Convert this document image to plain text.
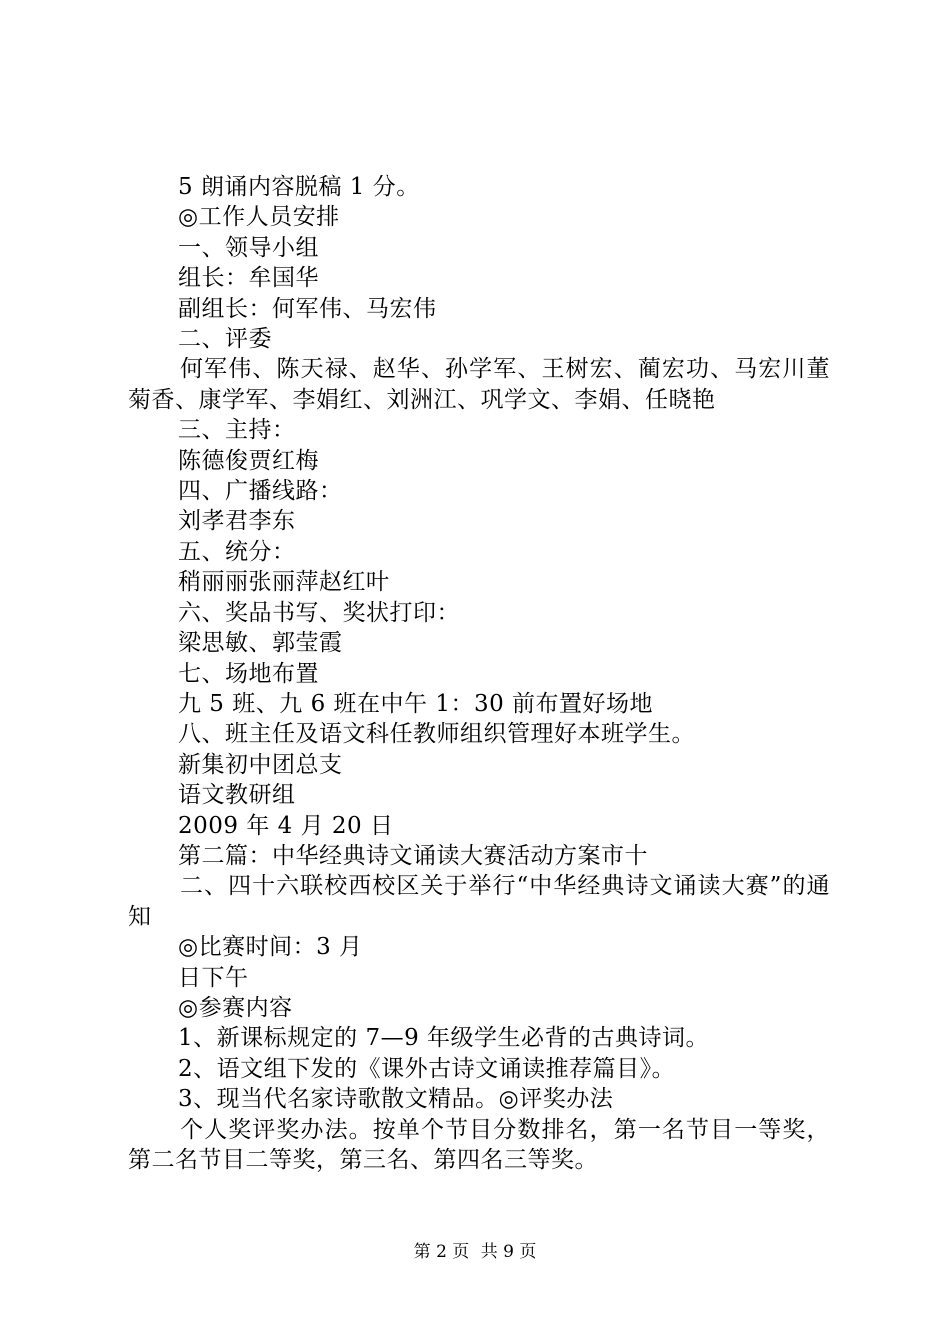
5 朗诵内容脱稿 1 分。
◎工作人员安排
一、领导小组
组长：牟国华
副组长：何军伟、马宏伟
二、评委
何军伟、陈天禄、赵华、孙学军、王树宏、蔺宏功、马宏川董菊香、康学军、李娟红、刘洲江、巩学文、李娟、任晓艳
三、主持：
陈德俊贾红梅
四、广播线路：
刘孝君李东
五、统分：
稍丽丽张丽萍赵红叶
六、奖品书写、奖状打印：
梁思敏、郭莹霞
七、场地布置
九 5 班、九 6 班在中午 1：30 前布置好场地
八、班主任及语文科任教师组织管理好本班学生。
新集初中团总支
语文教研组
2009 年 4 月 20 日
第二篇：中华经典诗文诵读大赛活动方案市十
二、四十六联校西校区关于举行“中华经典诗文诵读大赛”的通知
◎比赛时间：3 月
日下午
◎参赛内容
1、新课标规定的 7—9 年级学生必背的古典诗词。
2、语文组下发的《课外古诗文诵读推荐篇目》。
3、现当代名家诗歌散文精品。◎评奖办法
个人奖评奖办法。按单个节目分数排名，第一名节目一等奖，第二名节目二等奖，第三名、第四名三等奖。
第 2 页 共 9 页
